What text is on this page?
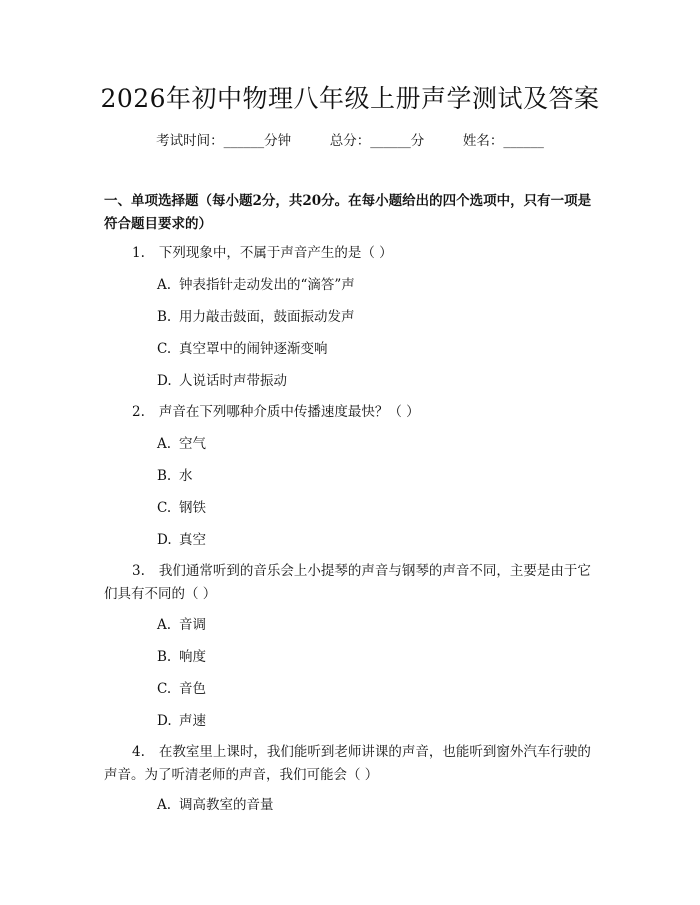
2026年初中物理八年级上册声学测试及答案
考试时间：______分钟	总分：______分	姓名：______
一、单项选择题（每小题2分，共20分。在每小题给出的四个选项中，只有一项是符合题目要求的）
1. 下列现象中，不属于声音产生的是（ ）
A. 钟表指针走动发出的“滴答”声
B. 用力敲击鼓面，鼓面振动发声
C. 真空罩中的闹钟逐渐变响
D. 人说话时声带振动
2. 声音在下列哪种介质中传播速度最快？（ ）
A. 空气
B. 水
C. 钢铁
D. 真空
3. 我们通常听到的音乐会上小提琴的声音与钢琴的声音不同，主要是由于它们具有不同的（ ）
A. 音调
B. 响度
C. 音色
D. 声速
4. 在教室里上课时，我们能听到老师讲课的声音，也能听到窗外汽车行驶的声音。为了听清老师的声音，我们可能会（ ）
A. 调高教室的音量
